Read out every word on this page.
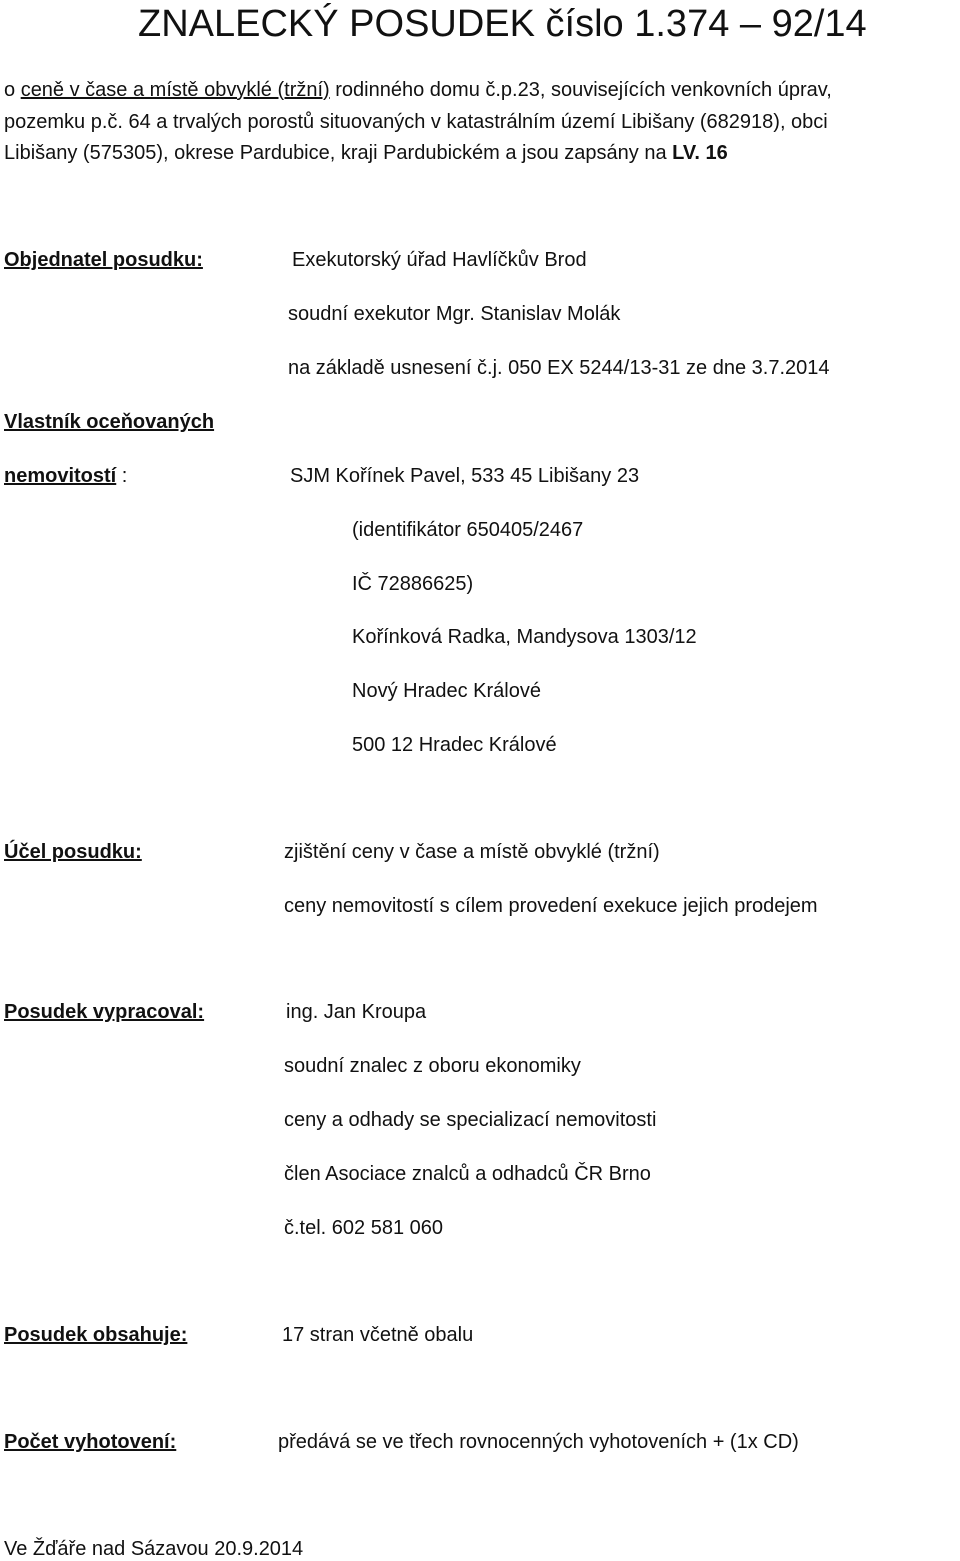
ZNALECKÝ POSUDEK číslo 1.374 – 92/14
o ceně v čase a místě obvyklé (tržní) rodinného domu č.p.23, souvisejících venkovních úprav,
pozemku p.č. 64 a trvalých porostů situovaných v katastrálním území Libišany (682918), obci
Libišany (575305), okrese Pardubice, kraji Pardubickém a jsou zapsány na LV. 16
Objednatel posudku:	Exekutorský úřad Havlíčkův Brod
soudní exekutor Mgr. Stanislav Molák
na základě usnesení č.j. 050 EX 5244/13-31 ze dne 3.7.2014
Vlastník oceňovaných
nemovitostí :	SJM Kořínek Pavel, 533 45 Libišany 23
(identifikátor 650405/2467
IČ 72886625)
Kořínková Radka, Mandysova 1303/12
Nový Hradec Králové
500 12 Hradec Králové
Účel posudku:	zjištění ceny v čase a místě obvyklé (tržní)
ceny nemovitostí s cílem provedení exekuce jejich prodejem
Posudek vypracoval:	ing. Jan Kroupa
soudní znalec z oboru ekonomiky
ceny a odhady se specializací nemovitosti
člen Asociace znalců a odhadců ČR Brno
č.tel. 602 581 060
Posudek obsahuje:	17 stran včetně obalu
Počet vyhotovení:	předává se ve třech rovnocenných vyhotoveních + (1x CD)
Ve Žďáře nad Sázavou 20.9.2014
